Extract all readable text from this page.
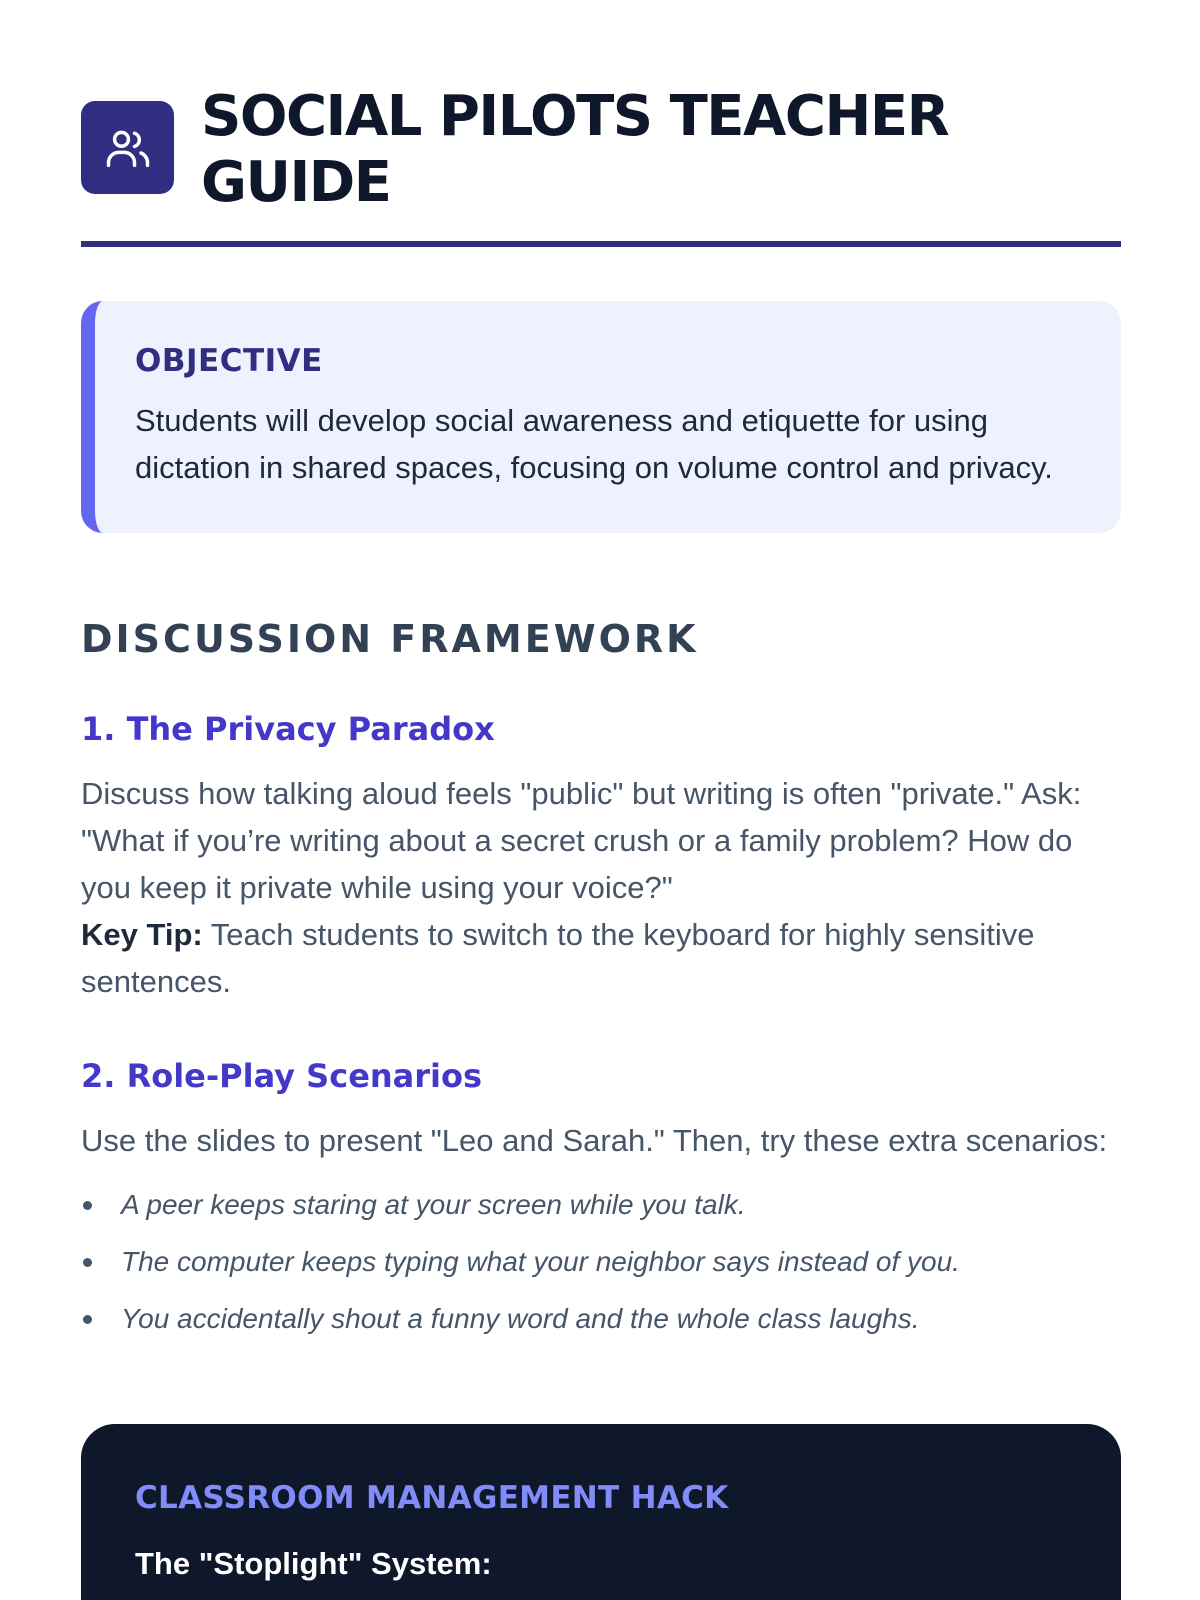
SOCIAL PILOTS TEACHER GUIDE
OBJECTIVE

Students will develop social awareness and etiquette for using dictation in shared spaces, focusing on volume control and privacy.

DISCUSSION FRAMEWORK
1. The Privacy Paradox
Discuss how talking aloud feels "public" but writing is often "private." Ask: "What if you’re writing about a secret crush or a family problem? How do you keep it private while using your voice?"
Key Tip: Teach students to switch to the keyboard for highly sensitive sentences.
2. Role-Play Scenarios

Use the slides to present "Leo and Sarah." Then, try these extra scenarios:

A peer keeps staring at your screen while you talk.
The computer keeps typing what your neighbor says instead of you.
You accidentally shout a funny word and the whole class laughs.
CLASSROOM MANAGEMENT HACK
The "Stoplight" System:
